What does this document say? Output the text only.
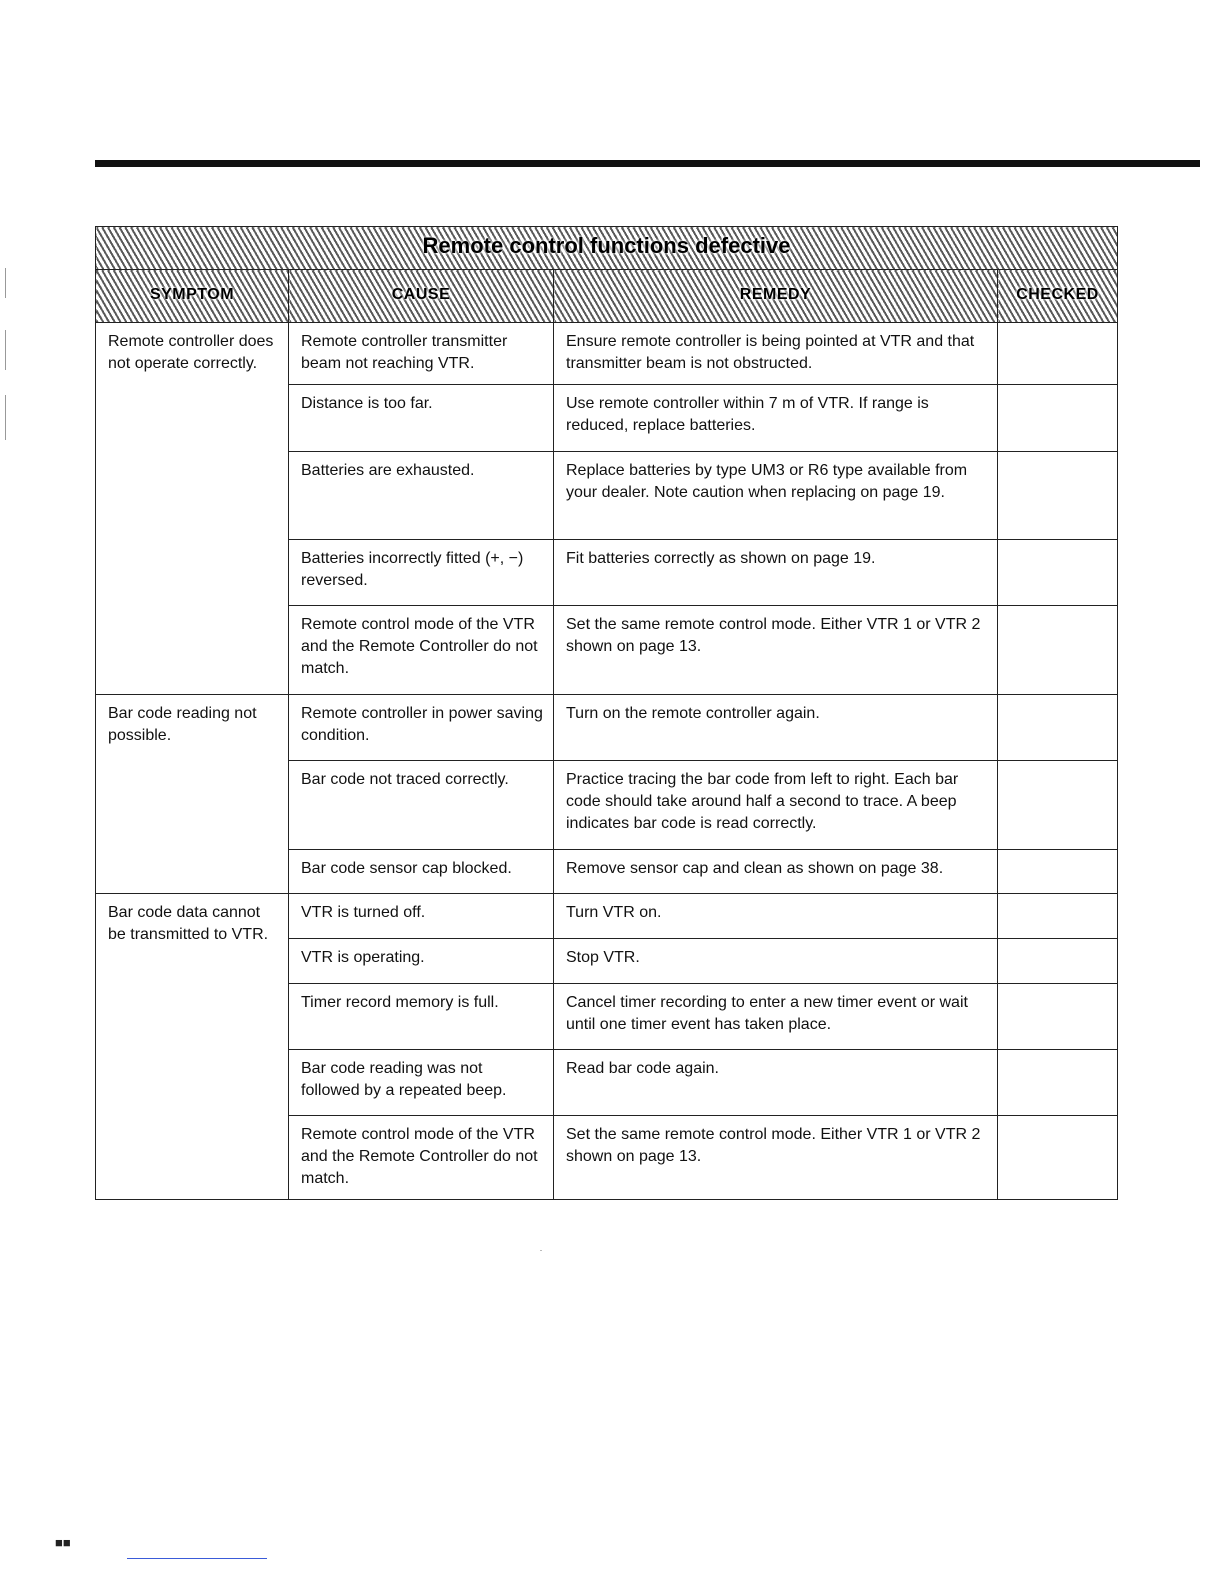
Remote control functions defective			
SYMPTOM	CAUSE	REMEDY	CHECKED

Remote controller does not operate correctly.	Remote controller transmitter beam not reaching VTR.	Ensure remote controller is being pointed at VTR and that transmitter beam is not obstructed.	

	Distance is too far.	Use remote controller within 7 m of VTR. If range is reduced, replace batteries.	

	Batteries are exhausted.	Replace batteries by type UM3 or R6 type available from your dealer. Note caution when replacing on page 19.	

	Batteries incorrectly fitted (+, −) reversed.	Fit batteries correctly as shown on page 19.	

	Remote control mode of the VTR and the Remote Controller do not match.	Set the same remote control mode. Either VTR 1 or VTR 2 shown on page 13.	

Bar code reading not possible.	Remote controller in power saving condition.	Turn on the remote controller again.	

	Bar code not traced correctly.	Practice tracing the bar code from left to right. Each bar code should take around half a second to trace. A beep indicates bar code is read correctly.	

	Bar code sensor cap blocked.	Remove sensor cap and clean as shown on page 38.	

Bar code data cannot be transmitted to VTR.	VTR is turned off.	Turn VTR on.	

	VTR is operating.	Stop VTR.	

	Timer record memory is full.	Cancel timer recording to enter a new timer event or wait until one timer event has taken place.	

	Bar code reading was not followed by a repeated beep.	Read bar code again.	

	Remote control mode of the VTR and the Remote Controller do not match.	Set the same remote control mode. Either VTR 1 or VTR 2 shown on page 13.	

■■
